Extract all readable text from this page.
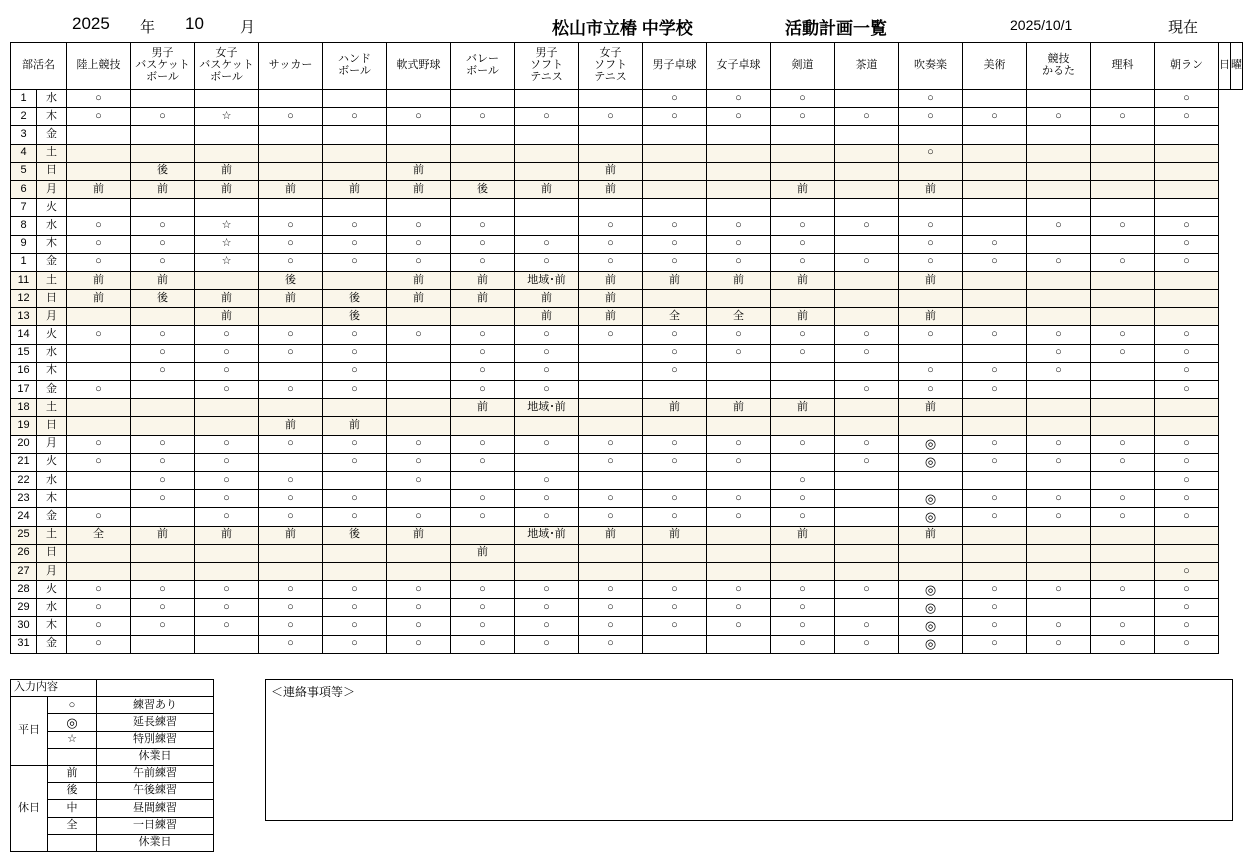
2025 年 10 月	松山市立椿 中学校	活動計画一覧	2025/10/1	現在
部活名		陸上競技	男子
バスケット
ボール	女子
バスケット
ボール	サッカー	ハンド
ボール	軟式野球	バレー
ボール	男子
ソフト
テニス	女子
ソフト
テニス	男子卓球	女子卓球	剣道	茶道	吹奏楽	美術	競技
かるた	理科	朝ラン		
																				日	曜
1	水	○									○	○	○		○				○		
2	木	○	○	☆	○	○	○	○	○	○	○	○	○	○	○	○	○	○	○		
3	金																				
4	土														○						
5	日		後	前			前			前											
6	月	前	前	前	前	前	前	後	前	前			前		前						
7	火																				
8	水	○	○	☆	○	○	○	○		○	○	○	○	○	○		○	○	○		
9	木	○	○	☆	○	○	○	○	○	○	○	○	○		○	○			○		
1	金	○	○	☆	○	○	○	○	○	○	○	○	○	○	○	○	○	○	○		
11	土	前	前		後		前	前	地域･前	前	前	前	前		前						
12	日	前	後	前	前	後	前	前	前	前											
13	月			前		後			前	前	全	全	前		前						
14	火	○	○	○	○	○	○	○	○	○	○	○	○	○	○	○	○	○	○		
15	水		○	○	○	○		○	○		○	○	○	○			○	○	○		
16	木		○	○		○		○	○		○				○	○	○		○		
17	金	○		○	○	○		○	○					○	○	○			○		
18	土							前	地域･前		前	前	前		前						
19	日				前	前															
20	月	○	○	○	○	○	○	○	○	○	○	○	○	○	◎	○	○	○	○		
21	火	○	○	○		○	○	○		○	○	○		○	◎	○	○	○	○		
22	水		○	○	○		○		○				○						○		
23	木		○	○	○	○		○	○	○	○	○	○		◎	○	○	○	○		
24	金	○		○	○	○	○	○	○	○	○	○	○		◎	○	○	○	○		
25	土	全	前	前	前	後	前		地域･前	前	前		前		前						
26	日							前													
27	月																		○		
28	火	○	○	○	○	○	○	○	○	○	○	○	○	○	◎	○	○	○	○		
29	水	○	○	○	○	○	○	○	○	○	○	○	○		◎	○			○		
30	木	○	○	○	○	○	○	○	○	○	○	○	○	○	◎	○	○	○	○		
31	金	○			○	○	○	○	○	○			○	○	◎	○	○	○	○		
入力内容		
平日	○	練習あり
	◎	延長練習
	☆	特別練習
		休業日
休日	前	午前練習
	後	午後練習
	中	昼間練習
	全	一日練習
		休業日
＜連絡事項等＞
